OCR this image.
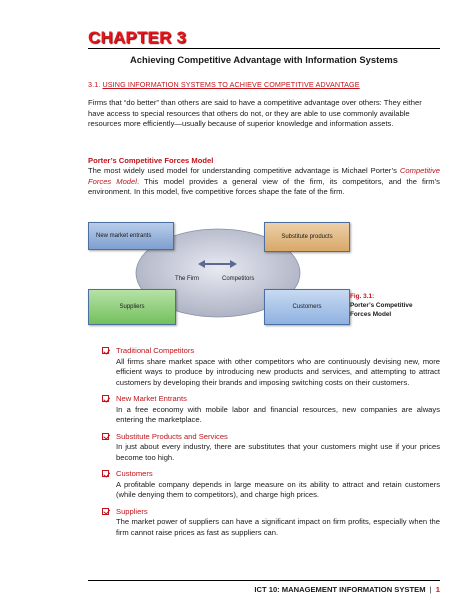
CHAPTER 3
Achieving Competitive Advantage with Information Systems
3.1. USING INFORMATION SYSTEMS TO ACHIEVE COMPETITIVE ADVANTAGE

Firms that “do better” than others are said to have a competitive advantage over others: They either have access to special resources that others do not, or they are able to use commonly available resources more efficiently—usually because of superior knowledge and information assets.

Porter’s Competitive Forces Model

The most widely used model for understanding competitive advantage is Michael Porter’s Competitive Forces Model. This model provides a general view of the firm, its competitors, and the firm’s environment. In this model, five competitive forces shape the fate of the firm.

New market entrants	Substitute products
Suppliers	Customers
The Firm	Competitors
Fig. 3.1:
Porter’s Competitive
Forces Model
Traditional Competitors
All firms share market space with other competitors who are continuously devising new, more efficient ways to produce by introducing new products and services, and attempting to attract customers by developing their brands and imposing switching costs on their customers.
New Market Entrants
In a free economy with mobile labor and financial resources, new companies are always entering the marketplace.
Substitute Products and Services
In just about every industry, there are substitutes that your customers might use if your prices become too high.
Customers
A profitable company depends in large measure on its ability to attract and retain customers (while denying them to competitors), and charge high prices.
Suppliers
The market power of suppliers can have a significant impact on firm profits, especially when the firm cannot raise prices as fast as suppliers can.
ICT 10: MANAGEMENT INFORMATION SYSTEM | 1
